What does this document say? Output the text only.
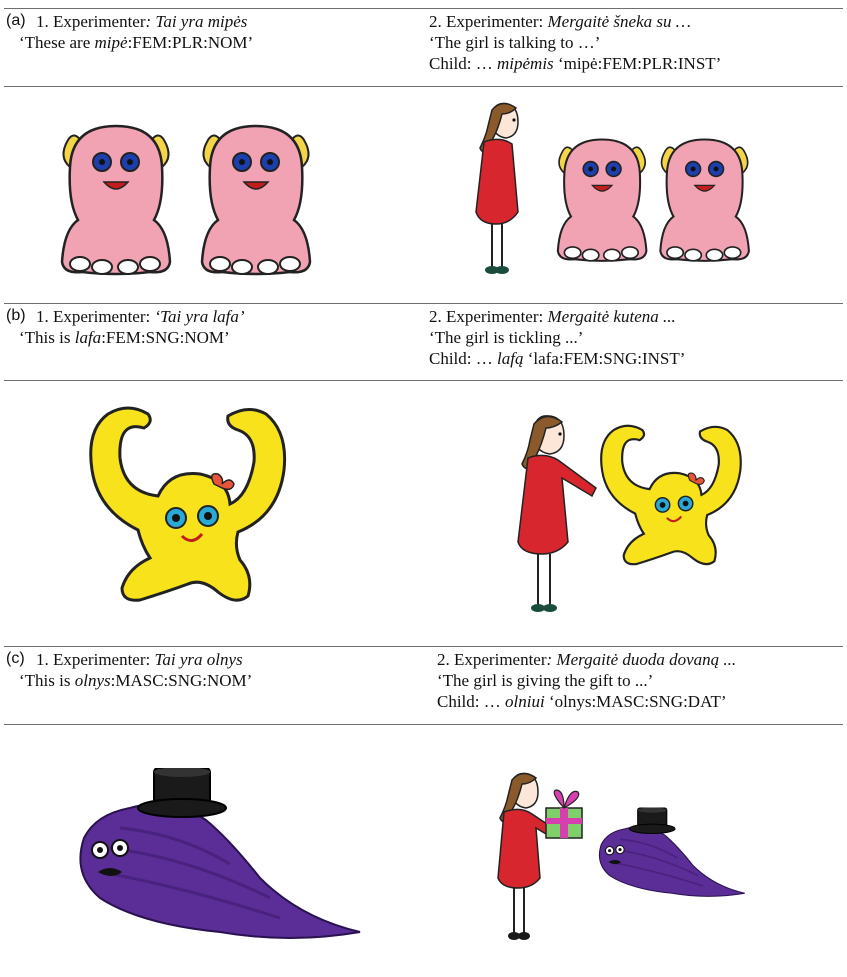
(a) 1. Experimenter: Tai yra mipės
‘These are mipė:FEM:PLR:NOM’
2. Experimenter: Mergaitė šneka su …
‘The girl is talking to …’
Child: … mipėmis ‘mipė:FEM:PLR:INST’
(b) 1. Experimenter: ‘Tai yra lafa’
‘This is lafa:FEM:SNG:NOM’
2. Experimenter: Mergaitė kutena ...
‘The girl is tickling ...’
Child: … lafą ‘lafa:FEM:SNG:INST’
(c) 1. Experimenter: Tai yra olnys
‘This is olnys:MASC:SNG:NOM’
2. Experimenter: Mergaitė duoda dovaną ...
‘The girl is giving the gift to ...’
Child: … olniui ‘olnys:MASC:SNG:DAT’
